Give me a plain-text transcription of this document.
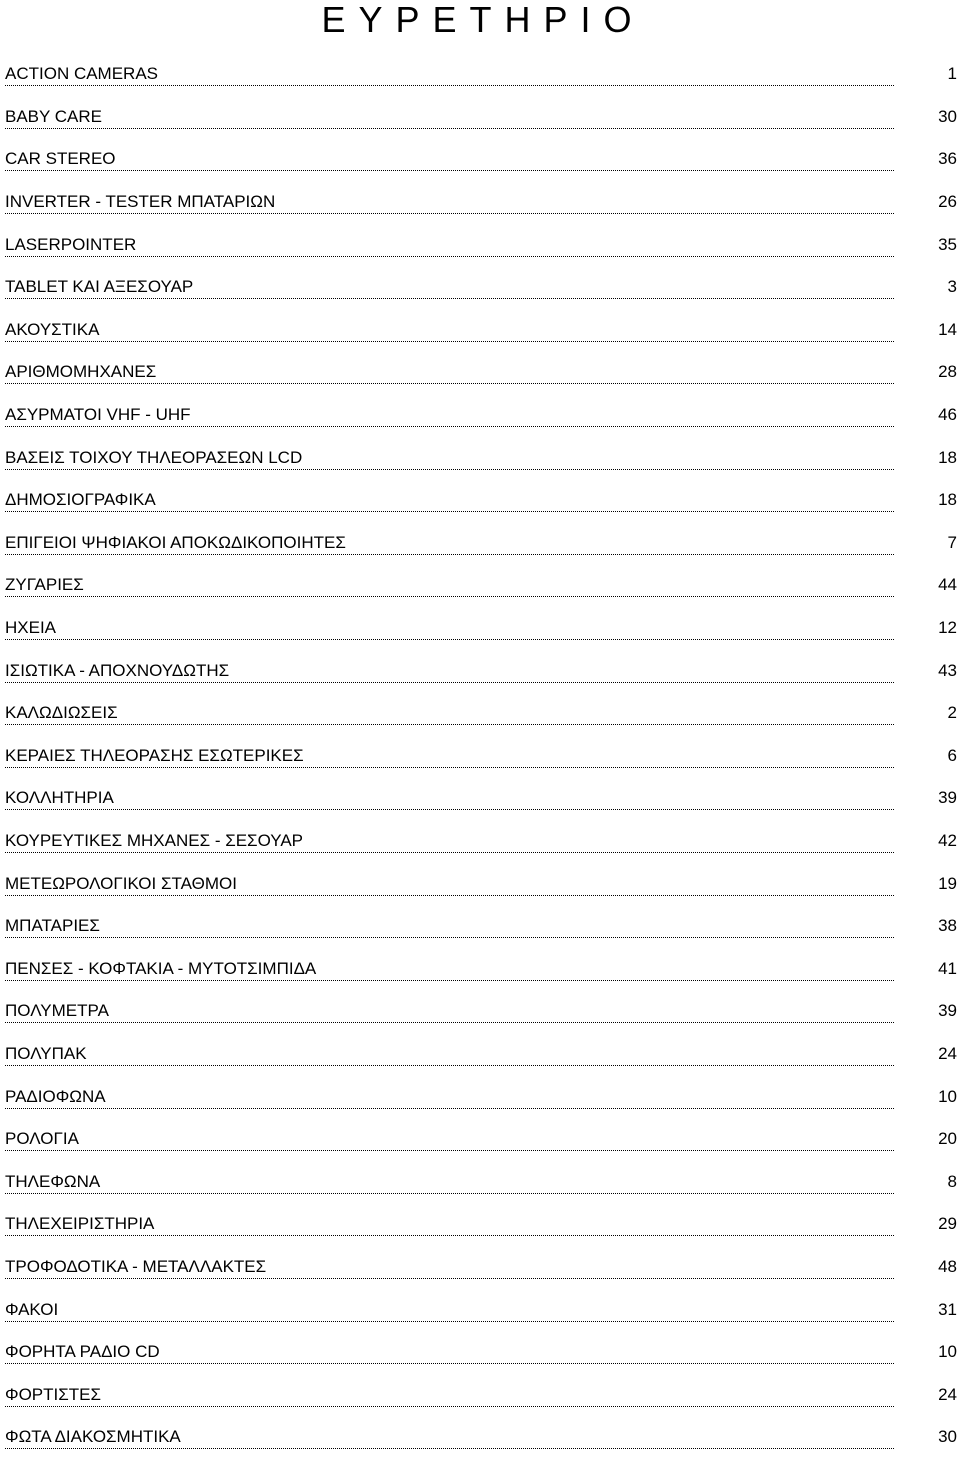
ΕΥΡΕΤΗΡΙΟ
ACTION CAMERAS	1
BABY CARE	30
CAR STEREO	36
INVERTER - TESTER ΜΠΑΤΑΡΙΩΝ	26
LASERPOINTER	35
TABLET ΚΑΙ ΑΞΕΣΟΥΑΡ	3
ΑΚΟΥΣΤΙΚΑ	14
ΑΡΙΘΜΟΜΗΧΑΝΕΣ	28
ΑΣΥΡΜΑΤΟΙ VHF - UHF	46
ΒΑΣΕΙΣ ΤΟΙΧΟΥ ΤΗΛΕΟΡΑΣΕΩΝ LCD	18
ΔΗΜΟΣΙΟΓΡΑΦΙΚΑ	18
ΕΠΙΓΕΙΟΙ ΨΗΦΙΑΚΟΙ ΑΠΟΚΩΔΙΚΟΠΟΙΗΤΕΣ	7
ΖΥΓΑΡΙΕΣ	44
ΗΧΕΙΑ	12
ΙΣΙΩΤΙΚΑ - ΑΠΟΧΝΟΥΔΩΤΗΣ	43
ΚΑΛΩΔΙΩΣΕΙΣ	2
ΚΕΡΑΙΕΣ ΤΗΛΕΟΡΑΣΗΣ ΕΣΩΤΕΡΙΚΕΣ	6
ΚΟΛΛΗΤΗΡΙΑ	39
ΚΟΥΡΕΥΤΙΚΕΣ ΜΗΧΑΝΕΣ - ΣΕΣΟΥΑΡ	42
ΜΕΤΕΩΡΟΛΟΓΙΚΟΙ ΣΤΑΘΜΟΙ	19
ΜΠΑΤΑΡΙΕΣ	38
ΠΕΝΣΕΣ - ΚΟΦΤΑΚΙΑ - ΜΥΤΟΤΣΙΜΠΙΔΑ	41
ΠΟΛΥΜΕΤΡΑ	39
ΠΟΛΥΠΑΚ	24
ΡΑΔΙΟΦΩΝΑ	10
ΡΟΛΟΓΙΑ	20
ΤΗΛΕΦΩΝΑ	8
ΤΗΛΕΧΕΙΡΙΣΤΗΡΙΑ	29
ΤΡΟΦΟΔΟΤΙΚΑ - ΜΕΤΑΛΛΑΚΤΕΣ	48
ΦΑΚΟΙ	31
ΦΟΡΗΤΑ ΡΑΔΙΟ CD	10
ΦΟΡΤΙΣΤΕΣ	24
ΦΩΤΑ ΔΙΑΚΟΣΜΗΤΙΚΑ	30
